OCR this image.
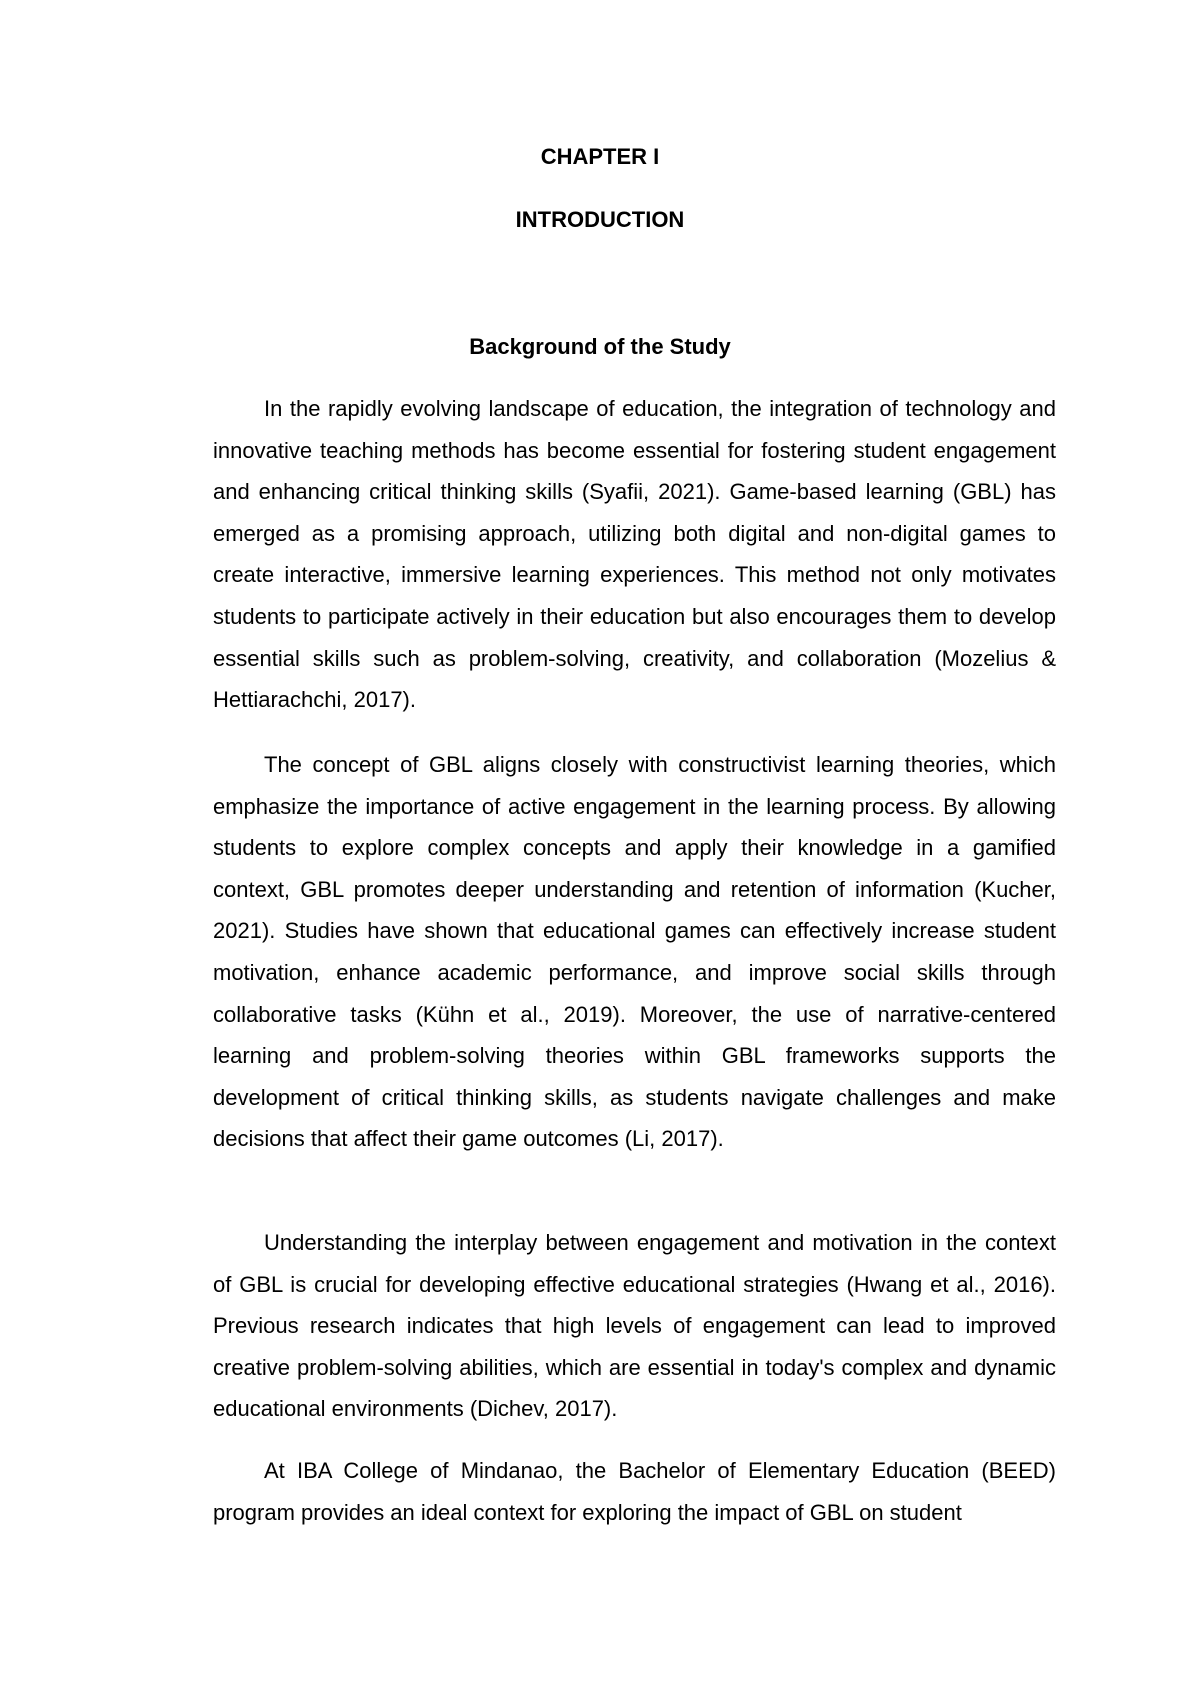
CHAPTER I
INTRODUCTION
Background of the Study

In the rapidly evolving landscape of education, the integration of technology and innovative teaching methods has become essential for fostering student engagement and enhancing critical thinking skills (Syafii, 2021). Game-based learning (GBL) has emerged as a promising approach, utilizing both digital and non-digital games to create interactive, immersive learning experiences. This method not only motivates students to participate actively in their education but also encourages them to develop essential skills such as problem-solving, creativity, and collaboration (Mozelius & Hettiarachchi, 2017).

The concept of GBL aligns closely with constructivist learning theories, which emphasize the importance of active engagement in the learning process. By allowing students to explore complex concepts and apply their knowledge in a gamified context, GBL promotes deeper understanding and retention of information (Kucher, 2021). Studies have shown that educational games can effectively increase student motivation, enhance academic performance, and improve social skills through collaborative tasks (Kühn et al., 2019). Moreover, the use of narrative-centered learning and problem-solving theories within GBL frameworks supports the development of critical thinking skills, as students navigate challenges and make decisions that affect their game outcomes (Li, 2017).

Understanding the interplay between engagement and motivation in the context of GBL is crucial for developing effective educational strategies (Hwang et al., 2016). Previous research indicates that high levels of engagement can lead to improved creative problem-solving abilities, which are essential in today's complex and dynamic educational environments (Dichev, 2017).

At IBA College of Mindanao, the Bachelor of Elementary Education (BEED) program provides an ideal context for exploring the impact of GBL on student
